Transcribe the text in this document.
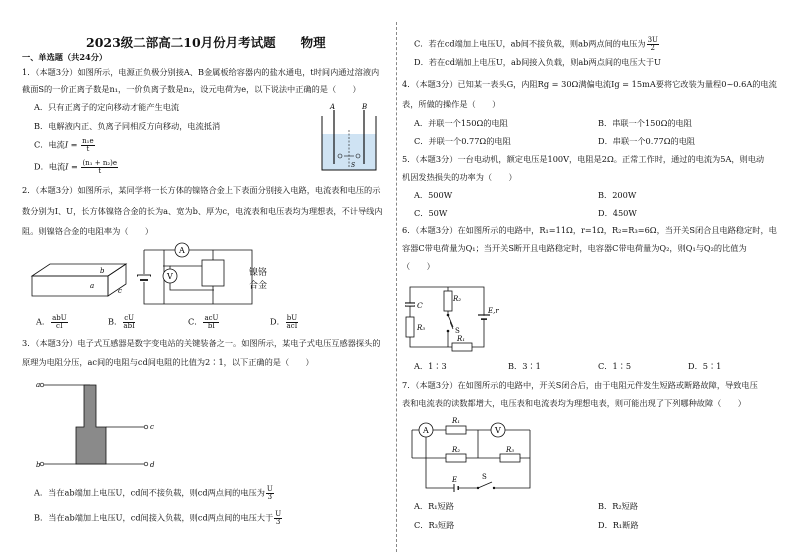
2023级二部高二10月份月考试题　　物理
一、单选题（共24分）
1．（本题3分）如图所示，电源正负极分别接A、B金属板给容器内的盐水通电，t时间内通过溶液内
截面S的一价正离子数是n₁，一价负离子数是n₂，设元电荷为e，以下说法中正确的是（　　）
A．只有正离子的定向移动才能产生电流
B．电解液内正、负离子同相反方向移动，电流抵消
C．电流$I = \frac{\text{n₁e}}{t}$
D．电流$I = \frac{\text{(n₁ + n₂)e}}{t}$
A	B
S
2．（本题3分）如图所示，某同学将一长方体的镍铬合金上下表面分别接入电路，电流表和电压的示
数分别为I、U，长方体镍铬合金的长为a、宽为b、厚为c，电流表和电压表均为理想表，不计导线内
阻。则镍铬合金的电阻率为（　　）
a
b
c
A
V	镍铬
合金
A． $\frac{\text{abU}}{cI}$	B． $\frac{cU}{\text{abI}}$	C． $\frac{\text{acU}}{bI}$	D． $\frac{bU}{\text{acI}}$
3．（本题3分）电子式互感器是数字变电站的关键装备之一。如图所示，某电子式电压互感器探头的
原理为电阻分压，ac间的电阻与cd间电阻的比值为2∶1，以下正确的是（　　）
a
b
c
d
A．当在ab端加上电压U，cd间不接负载，则cd两点间的电压为 $\frac{U}{3}$
B．当在ab端加上电压U，cd间接入负载，则cd两点间的电压大于 $\frac{U}{3}$
C．若在cd端加上电压U，ab间不接负载，则ab两点间的电压为 $\frac{3U}{2}$
D．若在cd端加上电压U，ab间接入负载，则ab两点间的电压大于U
4．（本题3分）已知某一表头G，内阻Rg = 30Ω满偏电流Ig = 15mA要将它改装为量程0~0.6A的电流
表，所做的操作是（　　）
A．并联一个150Ω的电阻	B．串联一个150Ω的电阻
C．并联一个0.77Ω的电阻	D．串联一个0.77Ω的电阻
5．（本题3分）一台电动机，额定电压是100V，电阻是2Ω。正常工作时，通过的电流为5A，则电动
机因发热损失的功率为（　　）
A．500W	B．200W
C．50W	D．450W
6．（本题3分）在如图所示的电路中，R₁=11Ω，r=1Ω，R₂=R₃=6Ω，当开关S闭合且电路稳定时，电
容器C带电荷量为Q₁；当开关S断开且电路稳定时，电容器C带电荷量为Q₂，则Q₁与Q₂的比值为
（　　）
C
R₂
R₃	S
R₁
E,r
A．1∶3	B．3∶1	C．1∶5	D．5∶1
7．（本题3分）在如图所示的电路中，开关S闭合后，由于电阻元件发生短路或断路故障，导致电压
表和电流表的读数都增大，电压表和电流表均为理想电表，则可能出现了下列哪种故障（　　）
A	V
R₁
R₂	R₃
S
E
A．R₁短路	B．R₂短路
C．R₃短路	D．R₁断路
